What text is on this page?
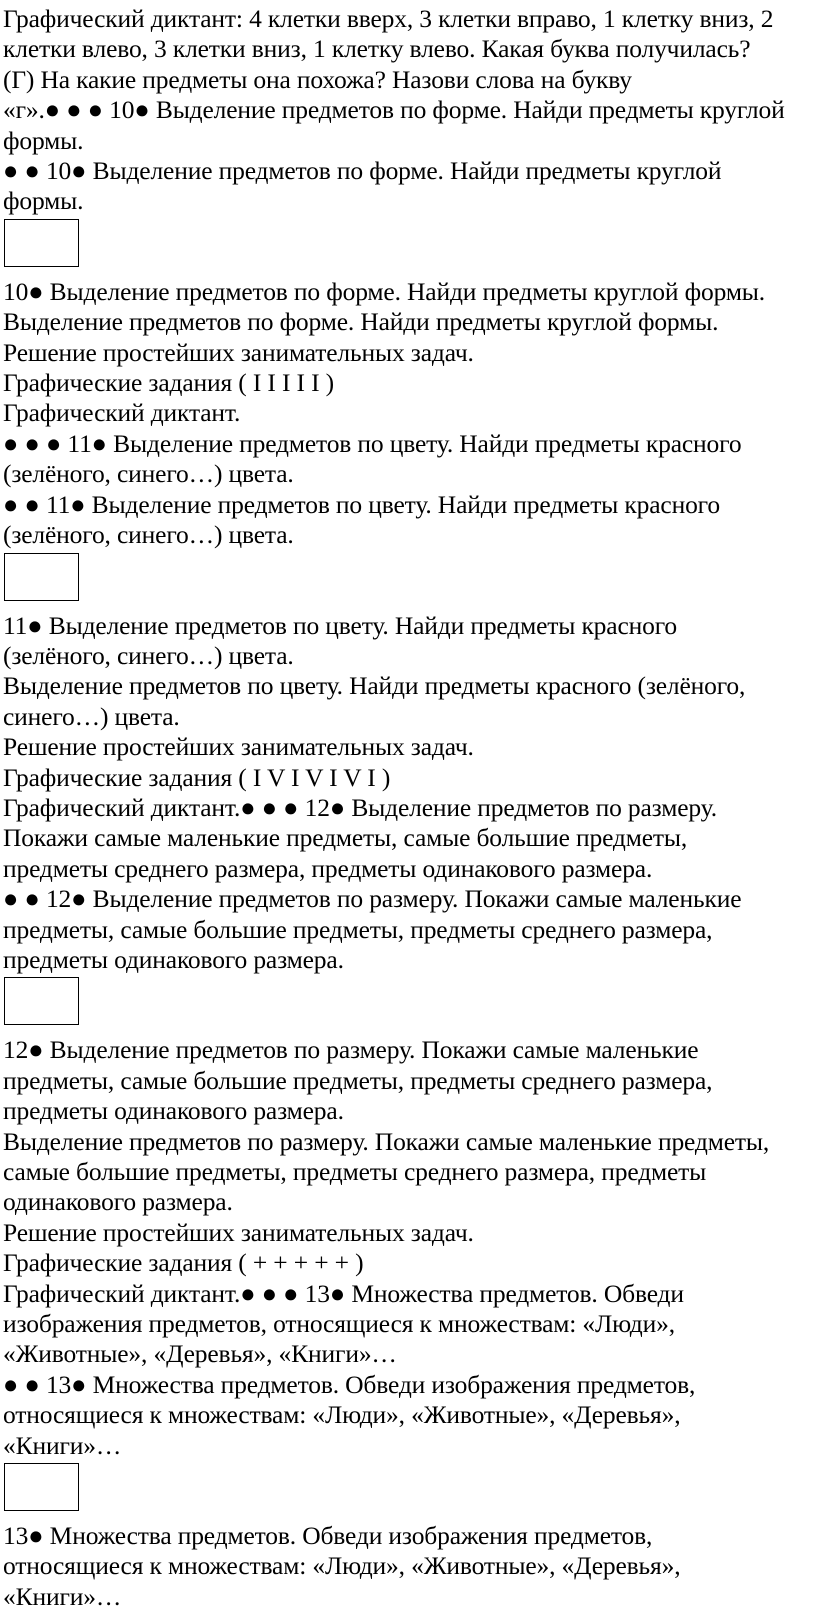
Графический диктант: 4 клетки вверх, 3 клетки вправо, 1 клетку вниз, 2
клетки влево, 3 клетки вниз, 1 клетку влево. Какая буква получилась?
(Г) На какие предметы она похожа? Назови слова на букву
«г».● ● ● 10● Выделение предметов по форме. Найди предметы круглой
формы.
● ● 10● Выделение предметов по форме. Найди предметы круглой
формы.
10● Выделение предметов по форме. Найди предметы круглой формы.
Выделение предметов по форме. Найди предметы круглой формы.
Решение простейших занимательных задач.
Графические задания ( I I I I I )
Графический диктант.
● ● ● 11● Выделение предметов по цвету. Найди предметы красного
(зелёного, синего…) цвета.
● ● 11● Выделение предметов по цвету. Найди предметы красного
(зелёного, синего…) цвета.
11● Выделение предметов по цвету. Найди предметы красного
(зелёного, синего…) цвета.
Выделение предметов по цвету. Найди предметы красного (зелёного,
синего…) цвета.
Решение простейших занимательных задач.
Графические задания ( I V I V I V I )
Графический диктант.● ● ● 12● Выделение предметов по размеру.
Покажи самые маленькие предметы, самые большие предметы,
предметы среднего размера, предметы одинакового размера.
● ● 12● Выделение предметов по размеру. Покажи самые маленькие
предметы, самые большие предметы, предметы среднего размера,
предметы одинакового размера.
12● Выделение предметов по размеру. Покажи самые маленькие
предметы, самые большие предметы, предметы среднего размера,
предметы одинакового размера.
Выделение предметов по размеру. Покажи самые маленькие предметы,
самые большие предметы, предметы среднего размера, предметы
одинакового размера.
Решение простейших занимательных задач.
Графические задания ( + + + + + )
Графический диктант.● ● ● 13● Множества предметов. Обведи
изображения предметов, относящиеся к множествам: «Люди»,
«Животные», «Деревья», «Книги»…
● ● 13● Множества предметов. Обведи изображения предметов,
относящиеся к множествам: «Люди», «Животные», «Деревья»,
«Книги»…
13● Множества предметов. Обведи изображения предметов,
относящиеся к множествам: «Люди», «Животные», «Деревья»,
«Книги»…
